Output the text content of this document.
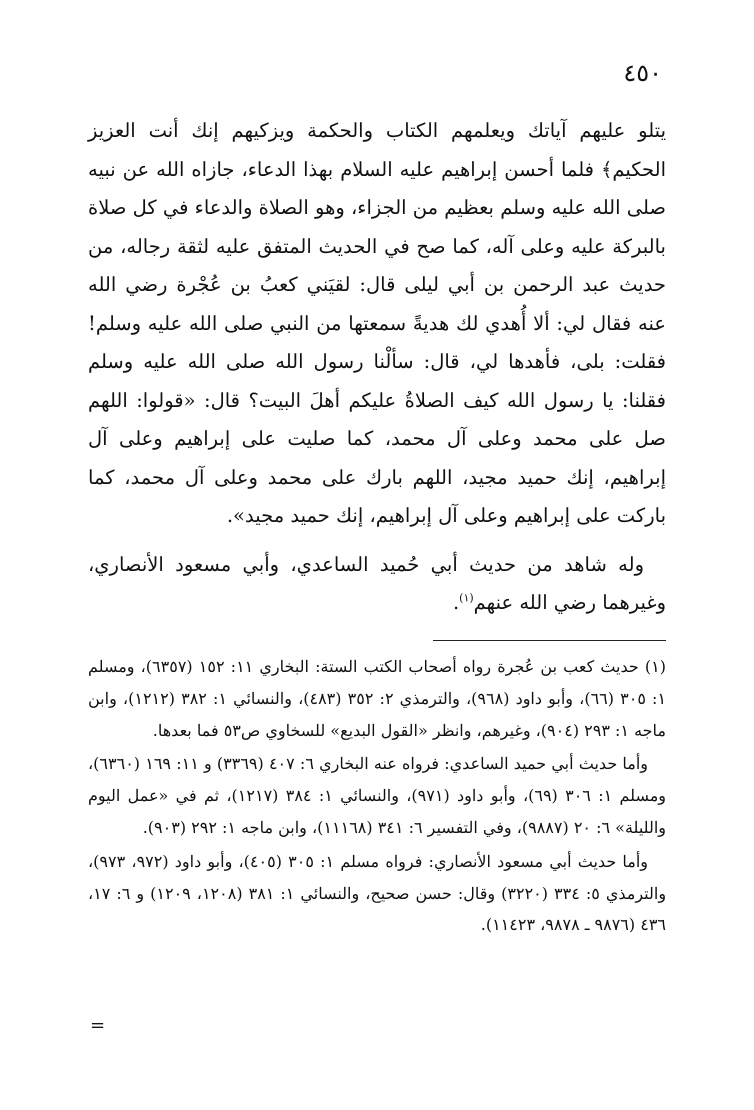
٤٥٠

يتلو عليهم آياتك ويعلمهم الكتاب والحكمة ويزكيهم إنك أنت العزيز الحكيم﴾ فلما أحسن إبراهيم عليه السلام بهذا الدعاء، جازاه الله عن نبيه صلى الله عليه وسلم بعظيم من الجزاء، وهو الصلاة والدعاء في كل صلاة بالبركة عليه وعلى آله، كما صح في الحديث المتفق عليه لثقة رجاله، من حديث عبد الرحمن بن أبي ليلى قال: لقيَني كعبُ بن عُجْرة رضي الله عنه فقال لي: ألا أُهدي لك هديةً سمعتها من النبي صلى الله عليه وسلم! فقلت: بلى، فأهدها لي، قال: سألْنا رسول الله صلى الله عليه وسلم فقلنا: يا رسول الله كيف الصلاةُ عليكم أهلَ البيت؟ قال: «قولوا: اللهم صل على محمد وعلى آل محمد، كما صليت على إبراهيم وعلى آل إبراهيم، إنك حميد مجيد، اللهم بارك على محمد وعلى آل محمد، كما باركت على إبراهيم وعلى آل إبراهيم، إنك حميد مجيد».

وله شاهد من حديث أبي حُميد الساعدي، وأبي مسعود الأنصاري، وغيرهما رضي الله عنهم$^{(١)}$.

(١) حديث كعب بن عُجرة رواه أصحاب الكتب الستة: البخاري ١١: ١٥٢ (٦٣٥٧)، ومسلم ١: ٣٠٥ (٦٦)، وأبو داود (٩٦٨)، والترمذي ٢: ٣٥٢ (٤٨٣)، والنسائي ١: ٣٨٢ (١٢١٢)، وابن ماجه ١: ٢٩٣ (٩٠٤)، وغيرهم، وانظر «القول البديع» للسخاوي ص٥٣ فما بعدها.

وأما حديث أبي حميد الساعدي: فرواه عنه البخاري ٦: ٤٠٧ (٣٣٦٩) و ١١: ١٦٩ (٦٣٦٠)، ومسلم ١: ٣٠٦ (٦٩)، وأبو داود (٩٧١)، والنسائي ١: ٣٨٤ (١٢١٧)، ثم في «عمل اليوم والليلة» ٦: ٢٠ (٩٨٨٧)، وفي التفسير ٦: ٣٤١ (١١١٦٨)، وابن ماجه ١: ٢٩٢ (٩٠٣).

وأما حديث أبي مسعود الأنصاري: فرواه مسلم ١: ٣٠٥ (٤٠٥)، وأبو داود (٩٧٢، ٩٧٣)، والترمذي ٥: ٣٣٤ (٣٢٢٠) وقال: حسن صحيح، والنسائي ١: ٣٨١ (١٢٠٨، ١٢٠٩) و ٦: ١٧، ٤٣٦ (٩٨٧٦ ـ ٩٨٧٨، ١١٤٢٣).

=
